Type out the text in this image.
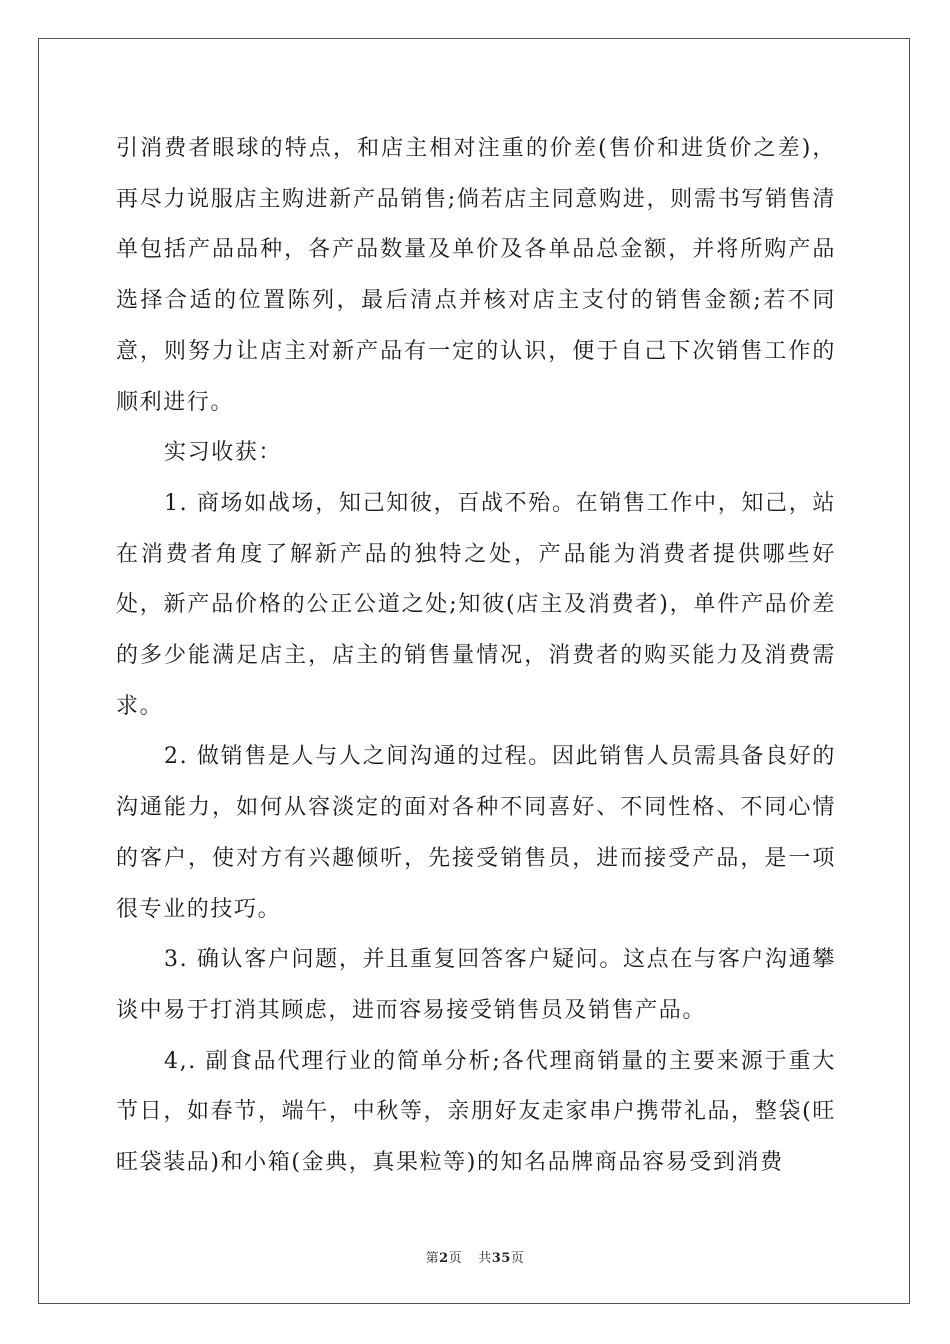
引消费者眼球的特点，和店主相对注重的价差(售价和进货价之差)，再尽力说服店主购进新产品销售;倘若店主同意购进，则需书写销售清单包括产品品种，各产品数量及单价及各单品总金额，并将所购产品选择合适的位置陈列，最后清点并核对店主支付的销售金额;若不同意，则努力让店主对新产品有一定的认识，便于自己下次销售工作的顺利进行。

实习收获：

1. 商场如战场，知己知彼，百战不殆。在销售工作中，知己，站在消费者角度了解新产品的独特之处，产品能为消费者提供哪些好处，新产品价格的公正公道之处;知彼(店主及消费者)，单件产品价差的多少能满足店主，店主的销售量情况，消费者的购买能力及消费需求。

2. 做销售是人与人之间沟通的过程。因此销售人员需具备良好的沟通能力，如何从容淡定的面对各种不同喜好、不同性格、不同心情的客户，使对方有兴趣倾听，先接受销售员，进而接受产品，是一项很专业的技巧。

3. 确认客户问题，并且重复回答客户疑问。这点在与客户沟通攀谈中易于打消其顾虑，进而容易接受销售员及销售产品。

4,. 副食品代理行业的简单分析;各代理商销量的主要来源于重大节日，如春节，端午，中秋等，亲朋好友走家串户携带礼品，整袋(旺旺袋装品)和小箱(金典，真果粒等)的知名品牌商品容易受到消费

第2页 共35页
